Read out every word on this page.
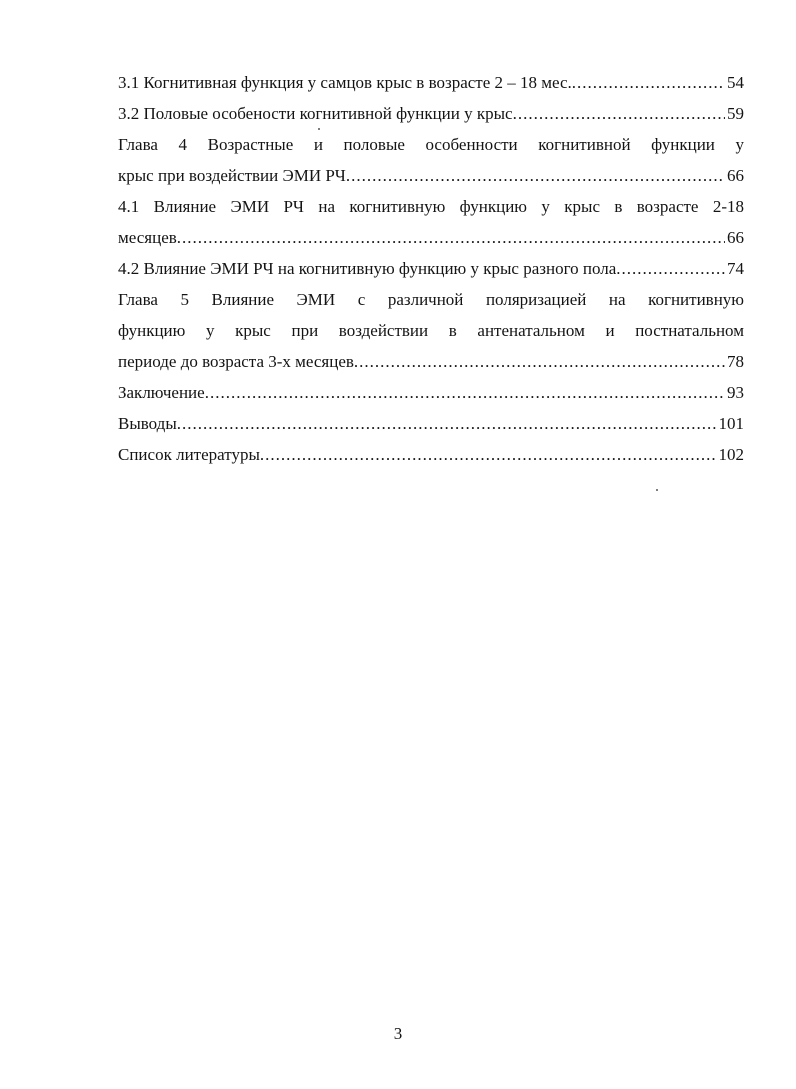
3.1 Когнитивная функция у самцов крыс в возрасте 2 – 18 мес. .....	54
3.2 Половые особености когнитивной функции у крыс .....	59
Глава 4 Возрастные и половые особенности когнитивной функции у
крыс при воздействии ЭМИ РЧ .....	66
4.1 Влияние ЭМИ РЧ на когнитивную функцию у крыс в возрасте 2-18
месяцев .....	66
4.2 Влияние ЭМИ РЧ на когнитивную функцию у крыс разного пола .....	74
Глава 5 Влияние ЭМИ с различной поляризацией на когнитивную
функцию у крыс при воздействии в антенатальном и постнатальном
периоде до возраста 3-х месяцев .....	78
Заключение .....	93
Выводы .....	101
Список литературы .....	102
3
